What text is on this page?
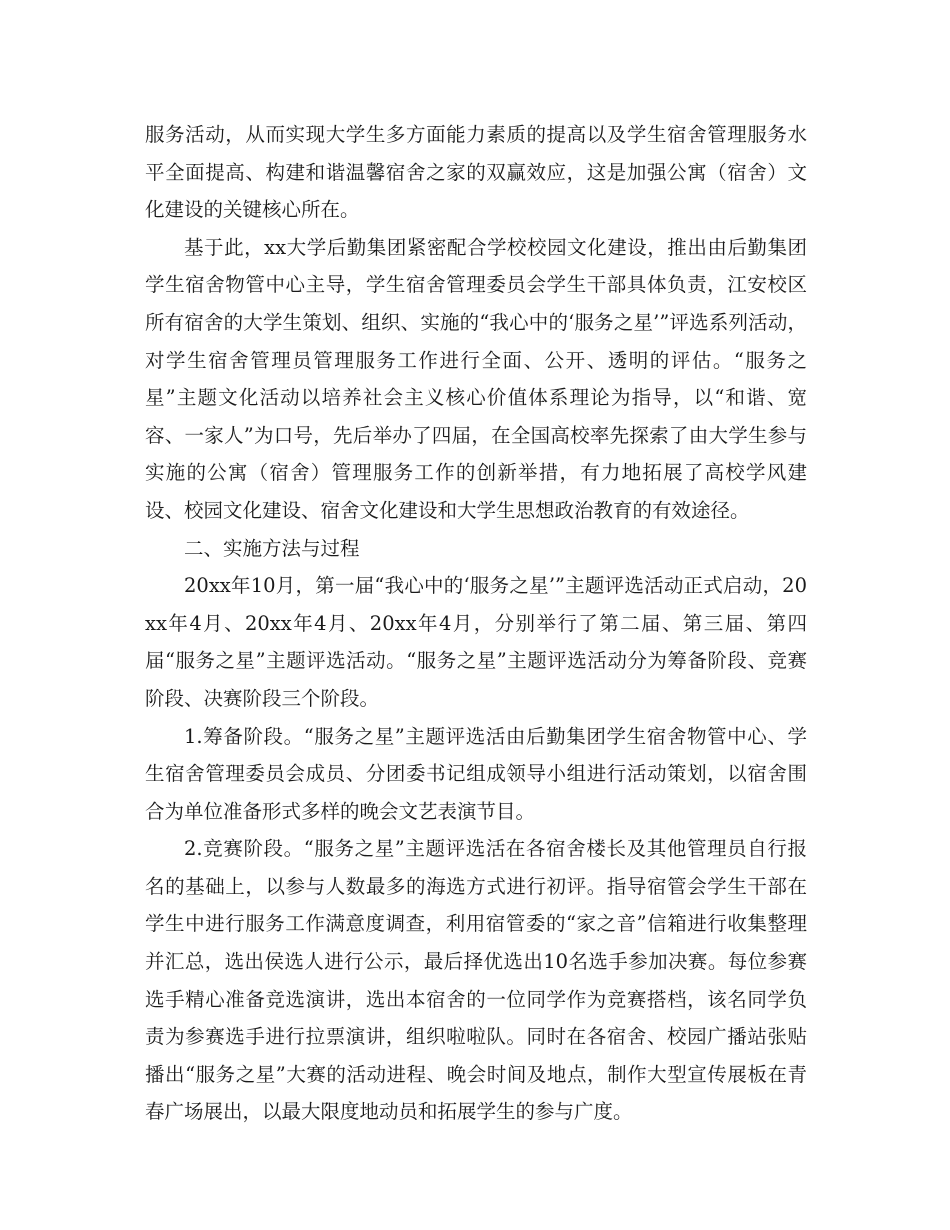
服务活动，从而实现大学生多方面能力素质的提高以及学生宿舍管理服务水平全面提高、构建和谐温馨宿舍之家的双赢效应，这是加强公寓（宿舍）文化建设的关键核心所在。

基于此，xx大学后勤集团紧密配合学校校园文化建设，推出由后勤集团学生宿舍物管中心主导，学生宿舍管理委员会学生干部具体负责，江安校区所有宿舍的大学生策划、组织、实施的“我心中的‘服务之星’”评选系列活动，对学生宿舍管理员管理服务工作进行全面、公开、透明的评估。“服务之星”主题文化活动以培养社会主义核心价值体系理论为指导，以“和谐、宽容、一家人”为口号，先后举办了四届，在全国高校率先探索了由大学生参与实施的公寓（宿舍）管理服务工作的创新举措，有力地拓展了高校学风建设、校园文化建设、宿舍文化建设和大学生思想政治教育的有效途径。

二、实施方法与过程

20xx年10月，第一届“我心中的‘服务之星’”主题评选活动正式启动，20xx年4月、20xx年4月、20xx年4月，分别举行了第二届、第三届、第四届“服务之星”主题评选活动。“服务之星”主题评选活动分为筹备阶段、竞赛阶段、决赛阶段三个阶段。

1.筹备阶段。“服务之星”主题评选活由后勤集团学生宿舍物管中心、学生宿舍管理委员会成员、分团委书记组成领导小组进行活动策划，以宿舍围合为单位准备形式多样的晚会文艺表演节目。

2.竞赛阶段。“服务之星”主题评选活在各宿舍楼长及其他管理员自行报名的基础上，以参与人数最多的海选方式进行初评。指导宿管会学生干部在学生中进行服务工作满意度调查，利用宿管委的“家之音”信箱进行收集整理并汇总，选出侯选人进行公示，最后择优选出10名选手参加决赛。每位参赛选手精心准备竞选演讲，选出本宿舍的一位同学作为竞赛搭档，该名同学负责为参赛选手进行拉票演讲，组织啦啦队。同时在各宿舍、校园广播站张贴播出“服务之星”大赛的活动进程、晚会时间及地点，制作大型宣传展板在青春广场展出，以最大限度地动员和拓展学生的参与广度。
